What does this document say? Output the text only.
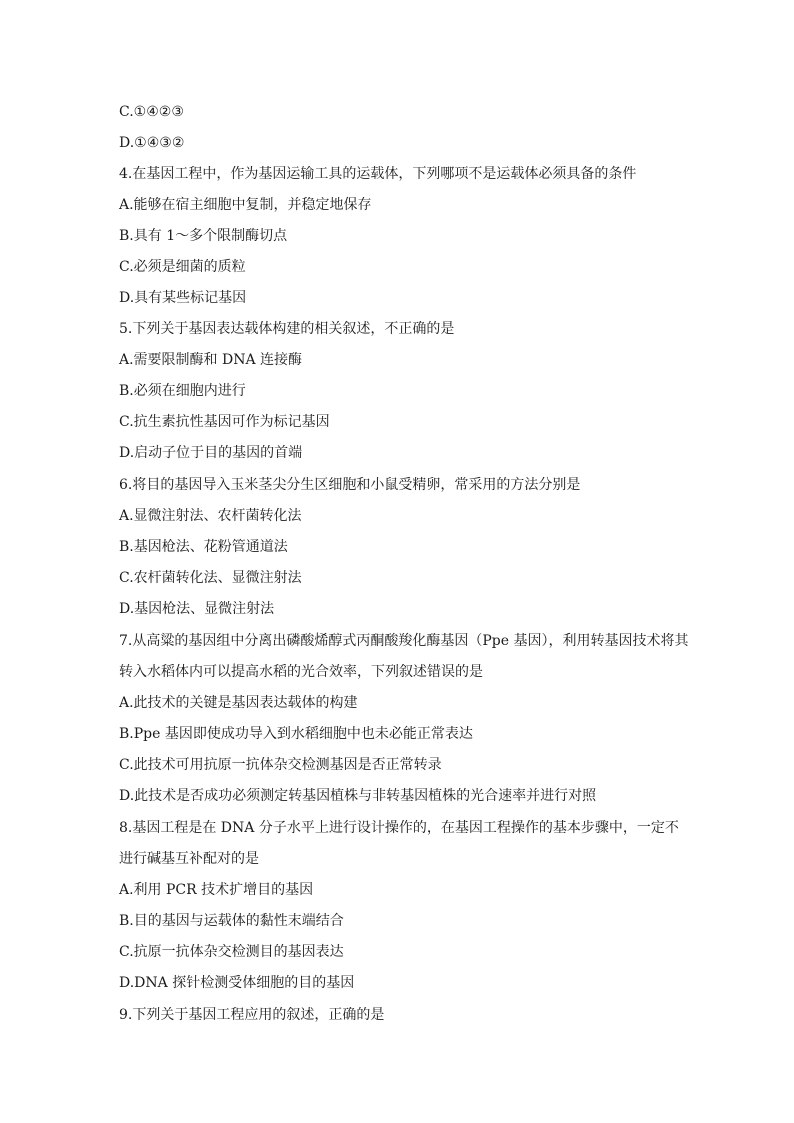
C.①④②③
D.①④③②
4.在基因工程中，作为基因运输工具的运载体，下列哪项不是运载体必须具备的条件
A.能够在宿主细胞中复制，并稳定地保存
B.具有 1～多个限制酶切点
C.必须是细菌的质粒
D.具有某些标记基因
5.下列关于基因表达载体构建的相关叙述，不正确的是
A.需要限制酶和 DNA 连接酶
B.必须在细胞内进行
C.抗生素抗性基因可作为标记基因
D.启动子位于目的基因的首端
6.将目的基因导入玉米茎尖分生区细胞和小鼠受精卵，常采用的方法分别是
A.显微注射法、农杆菌转化法
B.基因枪法、花粉管通道法
C.农杆菌转化法、显微注射法
D.基因枪法、显微注射法
7.从高粱的基因组中分离出磷酸烯醇式丙酮酸羧化酶基因（Ppe 基因），利用转基因技术将其
转入水稻体内可以提高水稻的光合效率，下列叙述错误的是
A.此技术的关键是基因表达载体的构建
B.Ppe 基因即使成功导入到水稻细胞中也未必能正常表达
C.此技术可用抗原一抗体杂交检测基因是否正常转录
D.此技术是否成功必须测定转基因植株与非转基因植株的光合速率并进行对照
8.基因工程是在 DNA 分子水平上进行设计操作的，在基因工程操作的基本步骤中，一定不
进行碱基互补配对的是
A.利用 PCR 技术扩增目的基因
B.目的基因与运载体的黏性末端结合
C.抗原一抗体杂交检测目的基因表达
D.DNA 探针检测受体细胞的目的基因
9.下列关于基因工程应用的叙述，正确的是
